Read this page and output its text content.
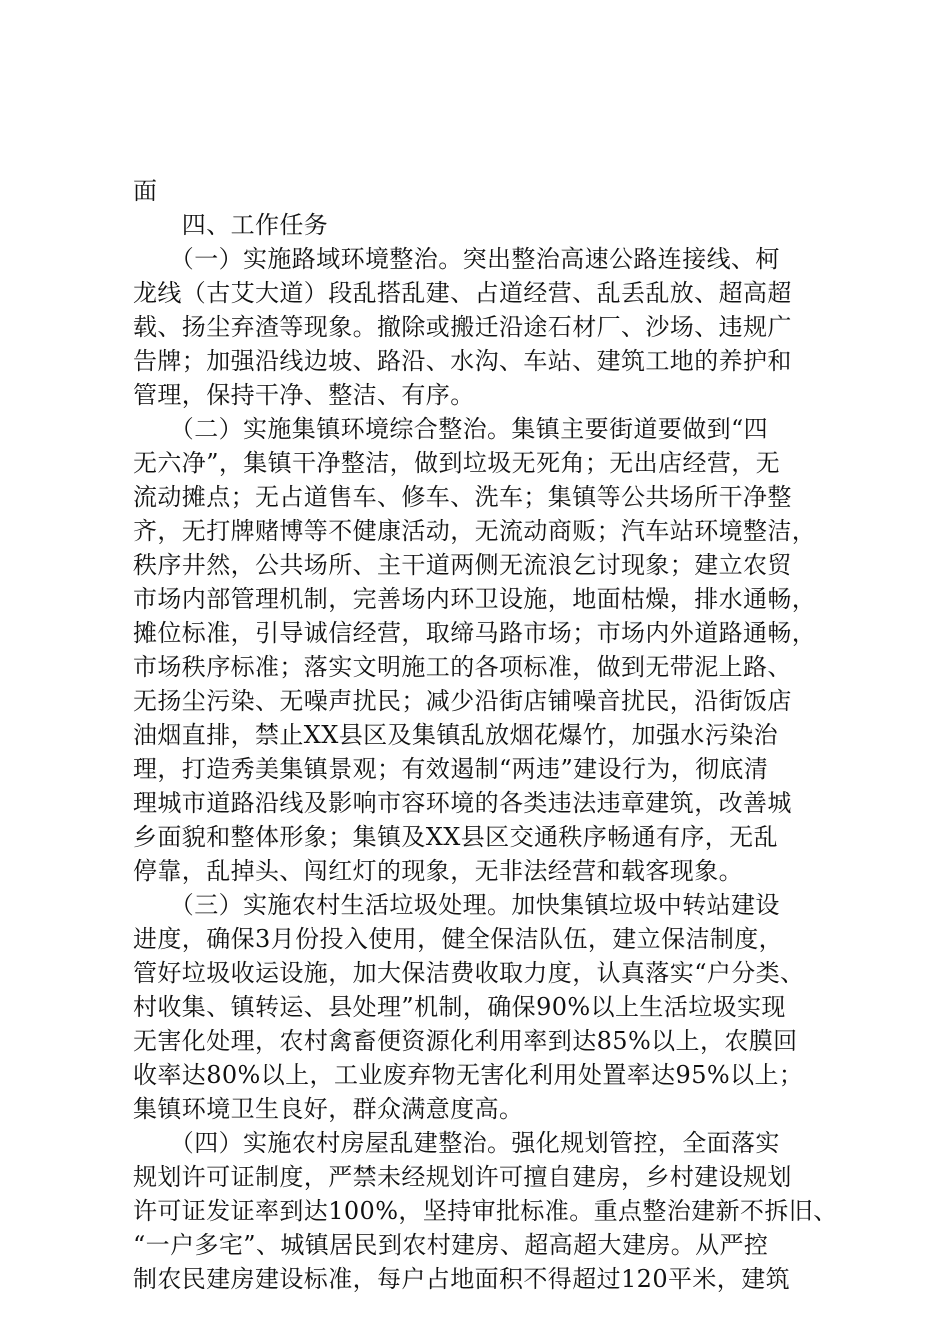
面
　　四、工作任务
　　（一）实施路域环境整治。突出整治高速公路连接线、柯
龙线（古艾大道）段乱搭乱建、占道经营、乱丢乱放、超高超
载、扬尘弃渣等现象。撤除或搬迁沿途石材厂、沙场、违规广
告牌；加强沿线边坡、路沿、水沟、车站、建筑工地的养护和
管理，保持干净、整洁、有序。
　　（二）实施集镇环境综合整治。集镇主要街道要做到“四
无六净”，集镇干净整洁，做到垃圾无死角；无出店经营，无
流动摊点；无占道售车、修车、洗车；集镇等公共场所干净整
齐，无打牌赌博等不健康活动，无流动商贩；汽车站环境整洁，
秩序井然，公共场所、主干道两侧无流浪乞讨现象；建立农贸
市场内部管理机制，完善场内环卫设施，地面枯燥，排水通畅，
摊位标准，引导诚信经营，取缔马路市场；市场内外道路通畅，
市场秩序标准；落实文明施工的各项标准，做到无带泥上路、
无扬尘污染、无噪声扰民；减少沿街店铺噪音扰民，沿街饭店
油烟直排，禁止XX县区及集镇乱放烟花爆竹，加强水污染治
理，打造秀美集镇景观；有效遏制“两违”建设行为，彻底清
理城市道路沿线及影响市容环境的各类违法违章建筑，改善城
乡面貌和整体形象；集镇及XX县区交通秩序畅通有序，无乱
停靠，乱掉头、闯红灯的现象，无非法经营和载客现象。
　　（三）实施农村生活垃圾处理。加快集镇垃圾中转站建设
进度，确保3月份投入使用，健全保洁队伍，建立保洁制度，
管好垃圾收运设施，加大保洁费收取力度，认真落实“户分类、
村收集、镇转运、县处理”机制，确保90%以上生活垃圾实现
无害化处理，农村禽畜便资源化利用率到达85%以上，农膜回
收率达80%以上，工业废弃物无害化利用处置率达95%以上；
集镇环境卫生良好，群众满意度高。
　　（四）实施农村房屋乱建整治。强化规划管控，全面落实
规划许可证制度，严禁未经规划许可擅自建房，乡村建设规划
许可证发证率到达100%，坚持审批标准。重点整治建新不拆旧、
“一户多宅”、城镇居民到农村建房、超高超大建房。从严控
制农民建房建设标准，每户占地面积不得超过120平米，建筑
